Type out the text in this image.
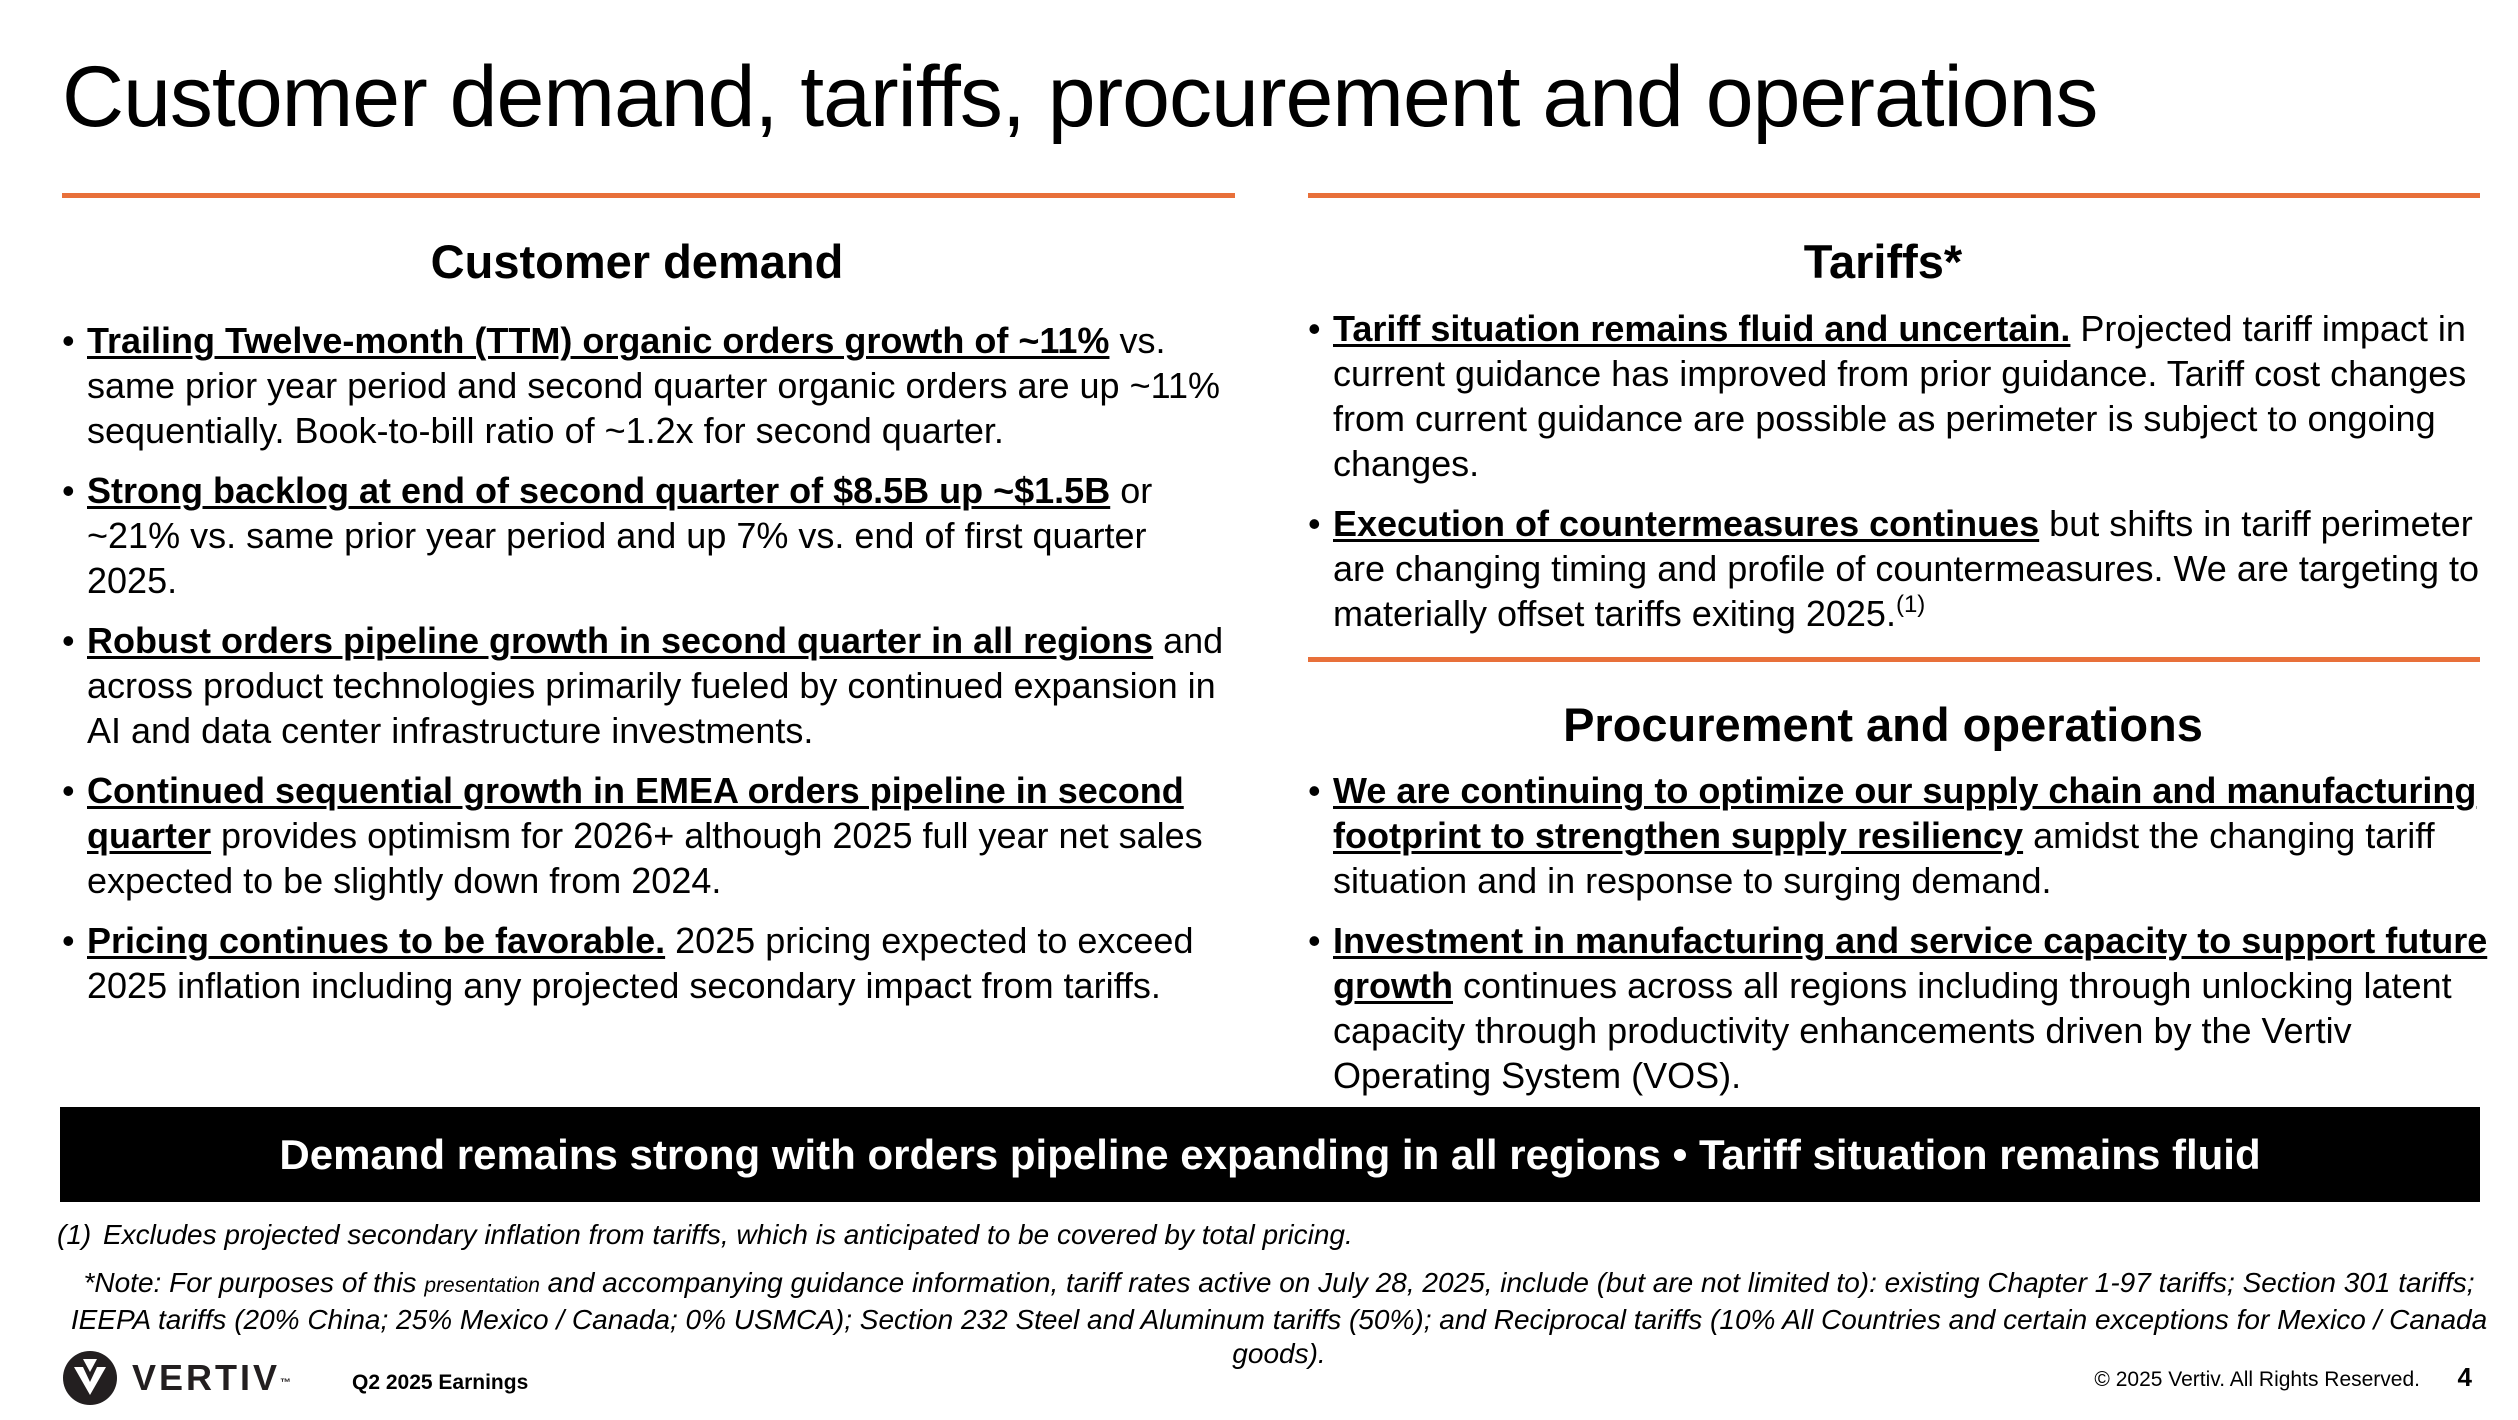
Customer demand, tariffs, procurement and operations
Customer demand
• Trailing Twelve-month (TTM) organic orders growth of ~11% vs. same prior year period and second quarter organic orders are up ~11% sequentially. Book-to-bill ratio of ~1.2x for second quarter.
• Strong backlog at end of second quarter of $8.5B up ~$1.5B or ~21% vs. same prior year period and up 7% vs. end of first quarter 2025.
• Robust orders pipeline growth in second quarter in all regions and across product technologies primarily fueled by continued expansion in AI and data center infrastructure investments.
• Continued sequential growth in EMEA orders pipeline in second quarter provides optimism for 2026+ although 2025 full year net sales expected to be slightly down from 2024.
• Pricing continues to be favorable. 2025 pricing expected to exceed 2025 inflation including any projected secondary impact from tariffs.
Tariffs*
• Tariff situation remains fluid and uncertain. Projected tariff impact in current guidance has improved from prior guidance. Tariff cost changes from current guidance are possible as perimeter is subject to ongoing changes.
• Execution of countermeasures continues but shifts in tariff perimeter are changing timing and profile of countermeasures. We are targeting to materially offset tariffs exiting 2025.$^{(1)}$
Procurement and operations
• We are continuing to optimize our supply chain and manufacturing footprint to strengthen supply resiliency amidst the changing tariff situation and in response to surging demand.
• Investment in manufacturing and service capacity to support future growth continues across all regions including through unlocking latent capacity through productivity enhancements driven by the Vertiv Operating System (VOS).
Demand remains strong with orders pipeline expanding in all regions • Tariff situation remains fluid
(1) Excludes projected secondary inflation from tariffs, which is anticipated to be covered by total pricing.
*Note: For purposes of this presentation and accompanying guidance information, tariff rates active on July 28, 2025, include (but are not limited to): existing Chapter 1-97 tariffs; Section 301 tariffs; IEEPA tariffs (20% China; 25% Mexico / Canada; 0% USMCA); Section 232 Steel and Aluminum tariffs (50%); and Reciprocal tariffs (10% All Countries and certain exceptions for Mexico / Canada goods).
VERTIV™	Q2 2025 Earnings	© 2025 Vertiv. All Rights Reserved. 4
